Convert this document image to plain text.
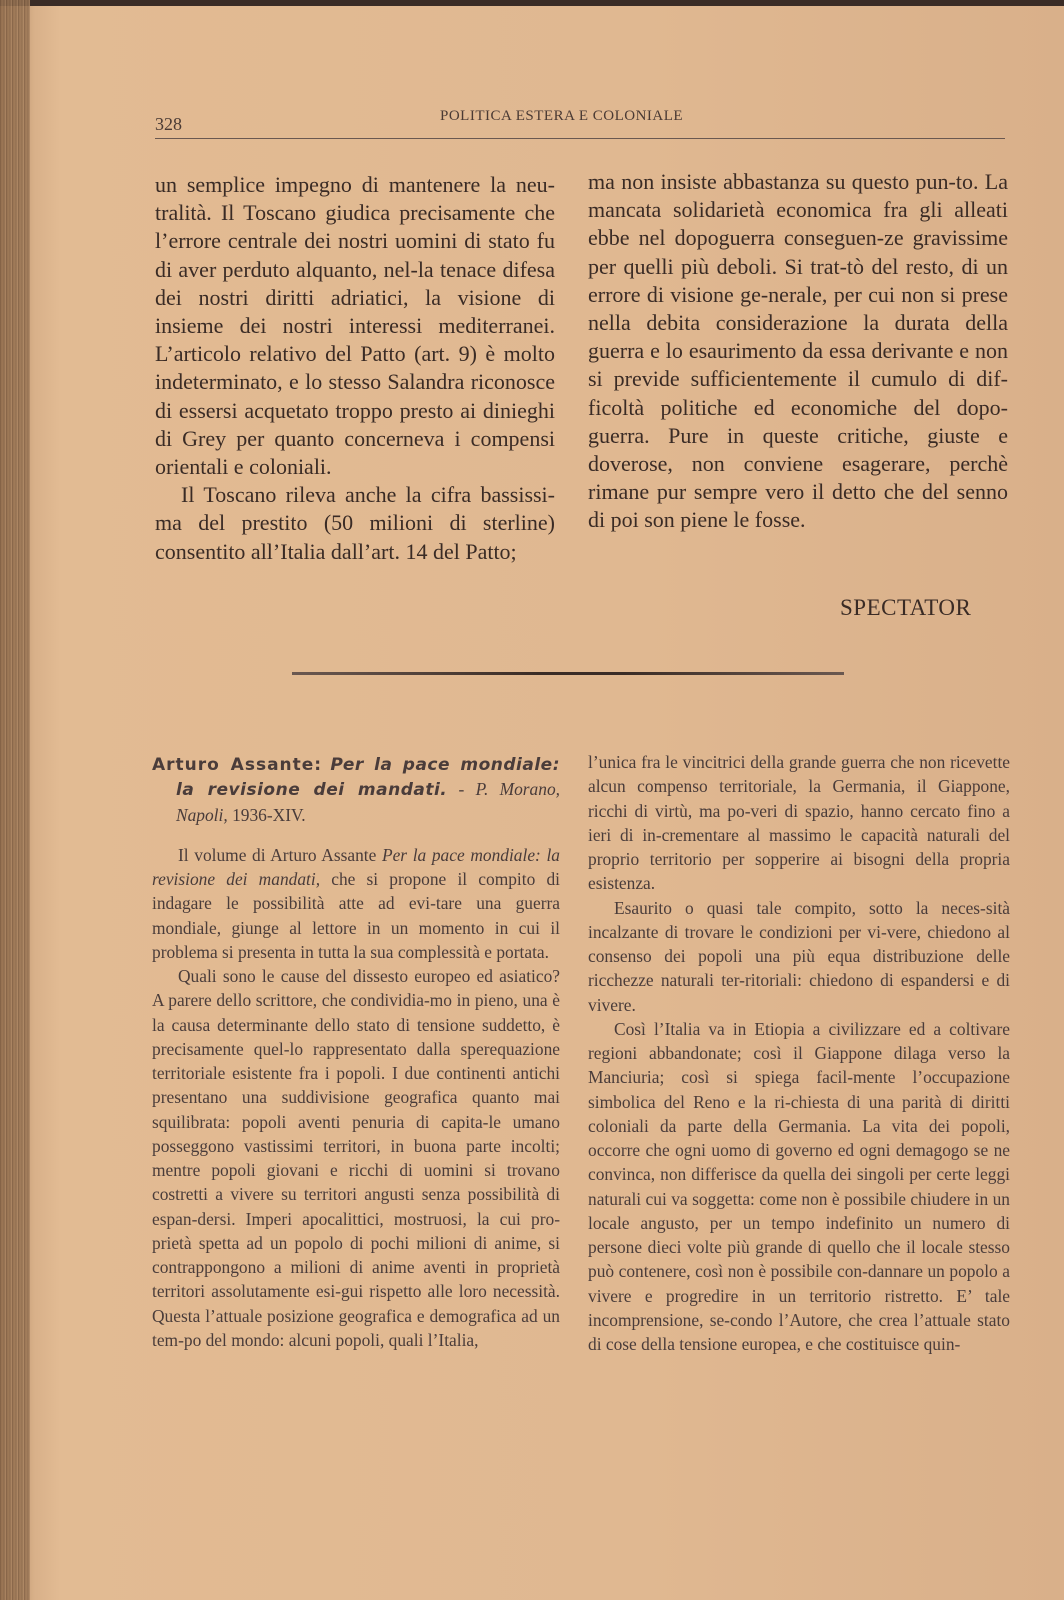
328	POLITICA ESTERA E COLONIALE

un semplice impegno di mantenere la neu-tralità. Il Toscano giudica precisamente che l’errore centrale dei nostri uomini di stato fu di aver perduto alquanto, nel-la tenace difesa dei nostri diritti adriatici, la visione di insieme dei nostri interessi mediterranei. L’articolo relativo del Patto (art. 9) è molto indeterminato, e lo stesso Salandra riconosce di essersi acquetato troppo presto ai dinieghi di Grey per quanto concerneva i compensi orientali e coloniali.

Il Toscano rileva anche la cifra bassissi-ma del prestito (50 milioni di sterline) consentito all’Italia dall’art. 14 del Patto;

ma non insiste abbastanza su questo pun-to. La mancata solidarietà economica fra gli alleati ebbe nel dopoguerra conseguen-ze gravissime per quelli più deboli. Si trat-tò del resto, di un errore di visione ge-nerale, per cui non si prese nella debita considerazione la durata della guerra e lo esaurimento da essa derivante e non si previde sufficientemente il cumulo di dif-ficoltà politiche ed economiche del dopo-guerra. Pure in queste critiche, giuste e doverose, non conviene esagerare, perchè rimane pur sempre vero il detto che del senno di poi son piene le fosse.

SPECTATOR

Arturo Assante: Per la pace mondiale: la revisione dei mandati. - P. Morano, Napoli, 1936-XIV.

Il volume di Arturo Assante Per la pace mondiale: la revisione dei mandati, che si propone il compito di indagare le possibilità atte ad evi-tare una guerra mondiale, giunge al lettore in un momento in cui il problema si presenta in tutta la sua complessità e portata.

Quali sono le cause del dissesto europeo ed asiatico? A parere dello scrittore, che condividia-mo in pieno, una è la causa determinante dello stato di tensione suddetto, è precisamente quel-lo rappresentato dalla sperequazione territoriale esistente fra i popoli. I due continenti antichi presentano una suddivisione geografica quanto mai squilibrata: popoli aventi penuria di capita-le umano posseggono vastissimi territori, in buona parte incolti; mentre popoli giovani e ricchi di uomini si trovano costretti a vivere su territori angusti senza possibilità di espan-dersi. Imperi apocalittici, mostruosi, la cui pro-prietà spetta ad un popolo di pochi milioni di anime, si contrappongono a milioni di anime aventi in proprietà territori assolutamente esi-gui rispetto alle loro necessità. Questa l’attuale posizione geografica e demografica ad un tem-po del mondo: alcuni popoli, quali l’Italia,

l’unica fra le vincitrici della grande guerra che non ricevette alcun compenso territoriale, la Germania, il Giappone, ricchi di virtù, ma po-veri di spazio, hanno cercato fino a ieri di in-crementare al massimo le capacità naturali del proprio territorio per sopperire ai bisogni della propria esistenza.

Esaurito o quasi tale compito, sotto la neces-sità incalzante di trovare le condizioni per vi-vere, chiedono al consenso dei popoli una più equa distribuzione delle ricchezze naturali ter-ritoriali: chiedono di espandersi e di vivere.

Così l’Italia va in Etiopia a civilizzare ed a coltivare regioni abbandonate; così il Giappone dilaga verso la Manciuria; così si spiega facil-mente l’occupazione simbolica del Reno e la ri-chiesta di una parità di diritti coloniali da parte della Germania. La vita dei popoli, occorre che ogni uomo di governo ed ogni demagogo se ne convinca, non differisce da quella dei singoli per certe leggi naturali cui va soggetta: come non è possibile chiudere in un locale angusto, per un tempo indefinito un numero di persone dieci volte più grande di quello che il locale stesso può contenere, così non è possibile con-dannare un popolo a vivere e progredire in un territorio ristretto. E’ tale incomprensione, se-condo l’Autore, che crea l’attuale stato di cose della tensione europea, e che costituisce quin-
